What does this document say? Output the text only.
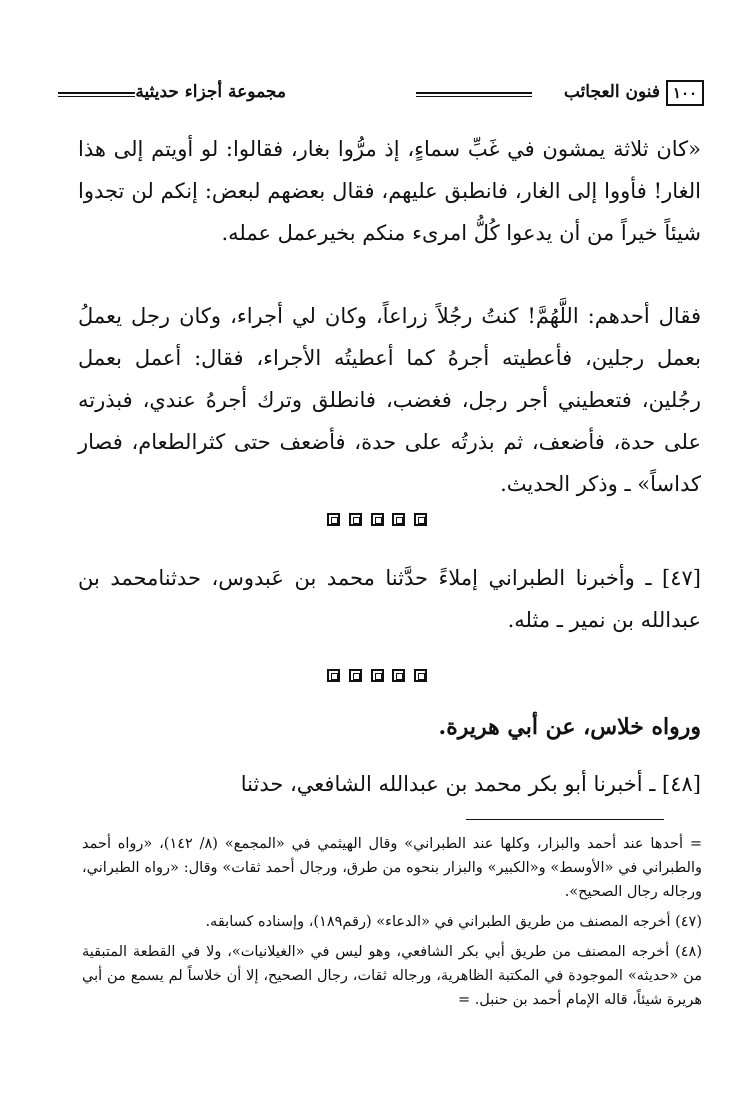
مجموعة أجزاء حديثية	فنون العجائب ١٠٠

«كان ثلاثة يمشون في غَبِّ سماءٍ، إذ مرُّوا بغار، فقالوا: لو أويتم إلى هذا الغار! فأووا إلى الغار، فانطبق عليهم، فقال بعضهم لبعض: إنكم لن تجدوا شيئاً خيراً من أن يدعوا كُلُّ امرىء منكم بخيرعمل عمله.

فقال أحدهم: اللَّهُمَّ! كنتُ رجُلاً زراعاً، وكان لي أجراء، وكان رجل يعملُ بعمل رجلين، فأعطيته أجرهُ كما أعطيتُه الأجراء، فقال: أعمل بعمل رجُلين، فتعطيني أجر رجل، فغضب، فانطلق وترك أجرهُ عندي، فبذرته على حدة، فأضعف، ثم بذرتُه على حدة، فأضعف حتى كثرالطعام، فصار كداساً» ـ وذكر الحديث.

[٤٧] ـ وأخبرنا الطبراني إملاءً حدَّثنا محمد بن عَبدوس، حدثنامحمد بن عبدالله بن نمير ـ مثله.

ورواه خلاس، عن أبي هريرة.

[٤٨] ـ أخبرنا أبو بكر محمد بن عبدالله الشافعي، حدثنا

= أحدها عند أحمد والبزار، وكلها عند الطبراني» وقال الهيثمي في «المجمع» (٨/ ١٤٢)، «رواه أحمد والطبراني في «الأوسط» و«الكبير» والبزار بنحوه من طرق، ورجال أحمد ثقات» وقال: «رواه الطبراني، ورجاله رجال الصحيح».

(٤٧) أخرجه المصنف من طريق الطبراني في «الدعاء» (رقم١٨٩)، وإسناده كسابقه.

(٤٨) أخرجه المصنف من طريق أبي بكر الشافعي، وهو ليس في «الغيلانيات»، ولا في القطعة المتبقية من «حديثه» الموجودة في المكتبة الظاهرية، ورجاله ثقات، رجال الصحيح، إلا أن خلاساً لم يسمع من أبي هريرة شيئاً، قاله الإمام أحمد بن حنبل. =
